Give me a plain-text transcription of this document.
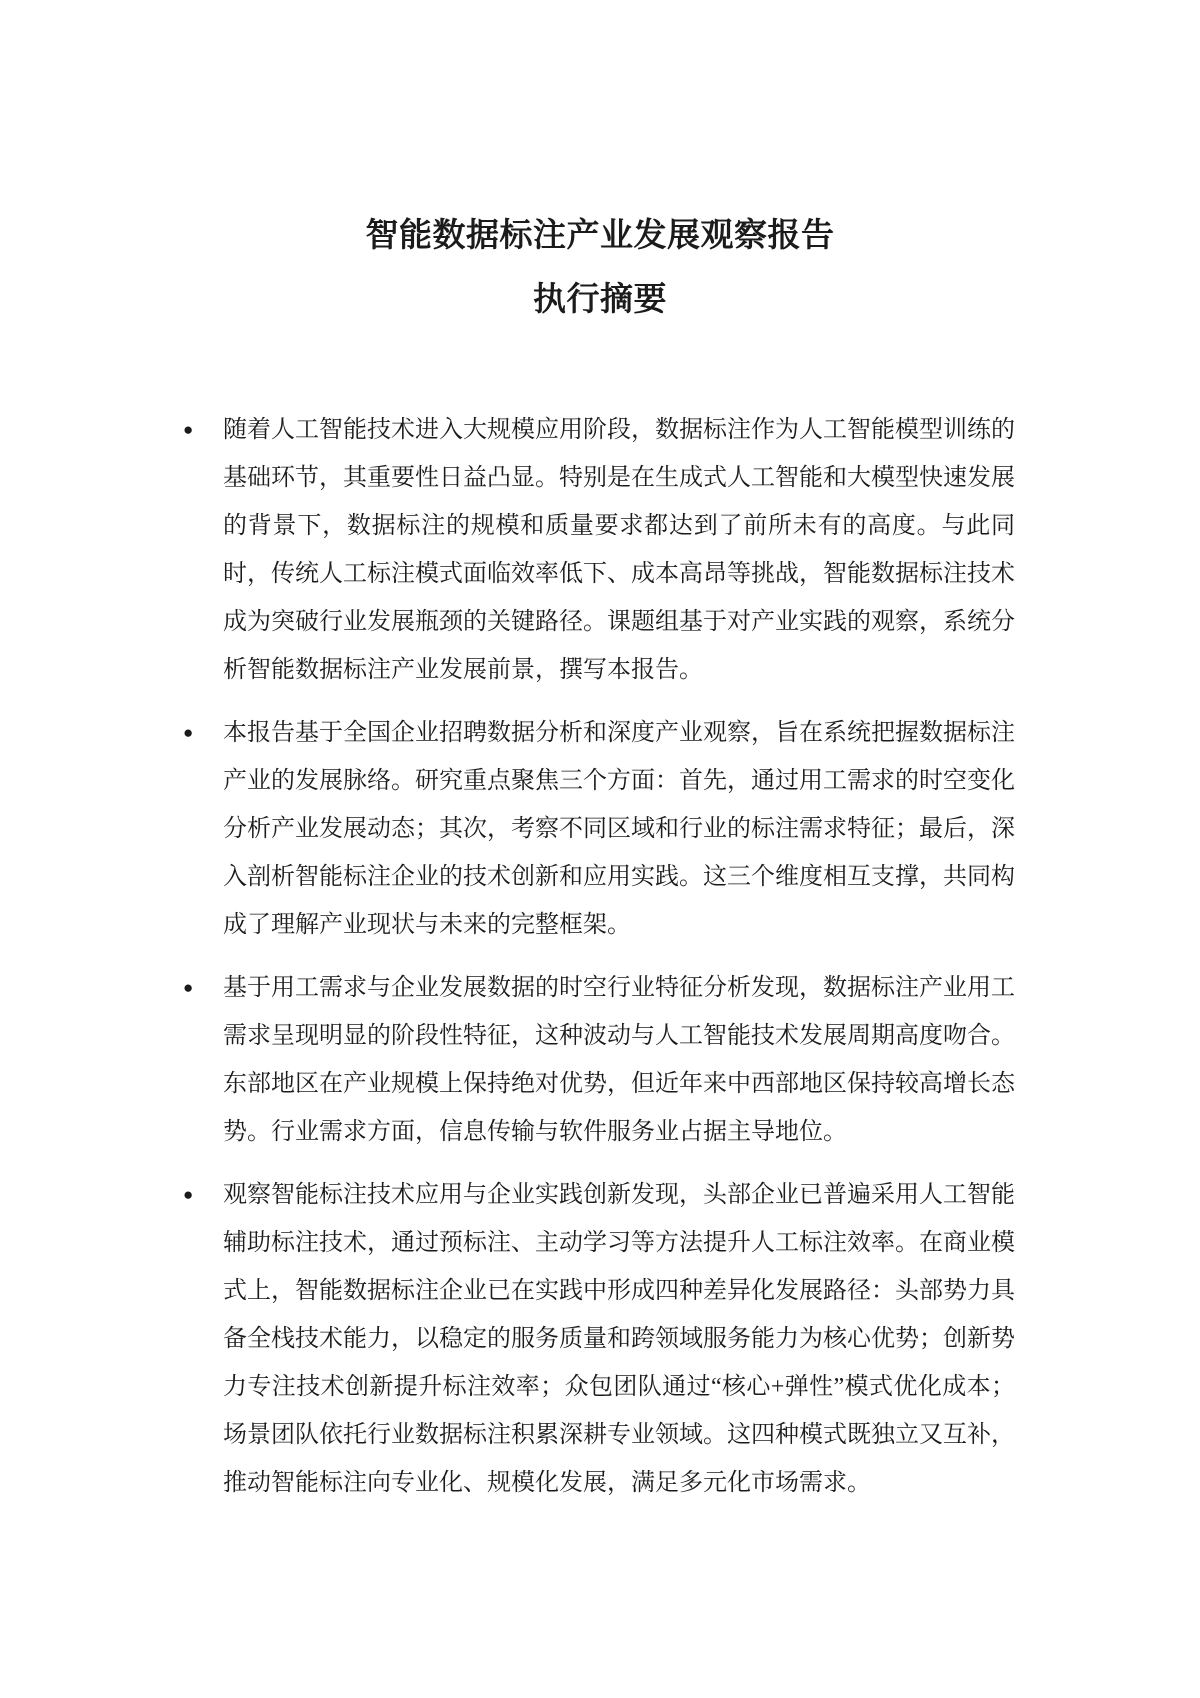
智能数据标注产业发展观察报告
执行摘要
●	随着人工智能技术进入大规模应用阶段，数据标注作为人工智能模型训练的基础环节，其重要性日益凸显。特别是在生成式人工智能和大模型快速发展的背景下，数据标注的规模和质量要求都达到了前所未有的高度。与此同时，传统人工标注模式面临效率低下、成本高昂等挑战，智能数据标注技术成为突破行业发展瓶颈的关键路径。课题组基于对产业实践的观察，系统分析智能数据标注产业发展前景，撰写本报告。
●	本报告基于全国企业招聘数据分析和深度产业观察，旨在系统把握数据标注产业的发展脉络。研究重点聚焦三个方面：首先，通过用工需求的时空变化分析产业发展动态；其次，考察不同区域和行业的标注需求特征；最后，深入剖析智能标注企业的技术创新和应用实践。这三个维度相互支撑，共同构成了理解产业现状与未来的完整框架。
●	基于用工需求与企业发展数据的时空行业特征分析发现，数据标注产业用工需求呈现明显的阶段性特征，这种波动与人工智能技术发展周期高度吻合。东部地区在产业规模上保持绝对优势，但近年来中西部地区保持较高增长态势。行业需求方面，信息传输与软件服务业占据主导地位。
●	观察智能标注技术应用与企业实践创新发现，头部企业已普遍采用人工智能辅助标注技术，通过预标注、主动学习等方法提升人工标注效率。在商业模式上，智能数据标注企业已在实践中形成四种差异化发展路径：头部势力具备全栈技术能力，以稳定的服务质量和跨领域服务能力为核心优势；创新势力专注技术创新提升标注效率；众包团队通过“核心+弹性”模式优化成本；场景团队依托行业数据标注积累深耕专业领域。这四种模式既独立又互补，推动智能标注向专业化、规模化发展，满足多元化市场需求。
